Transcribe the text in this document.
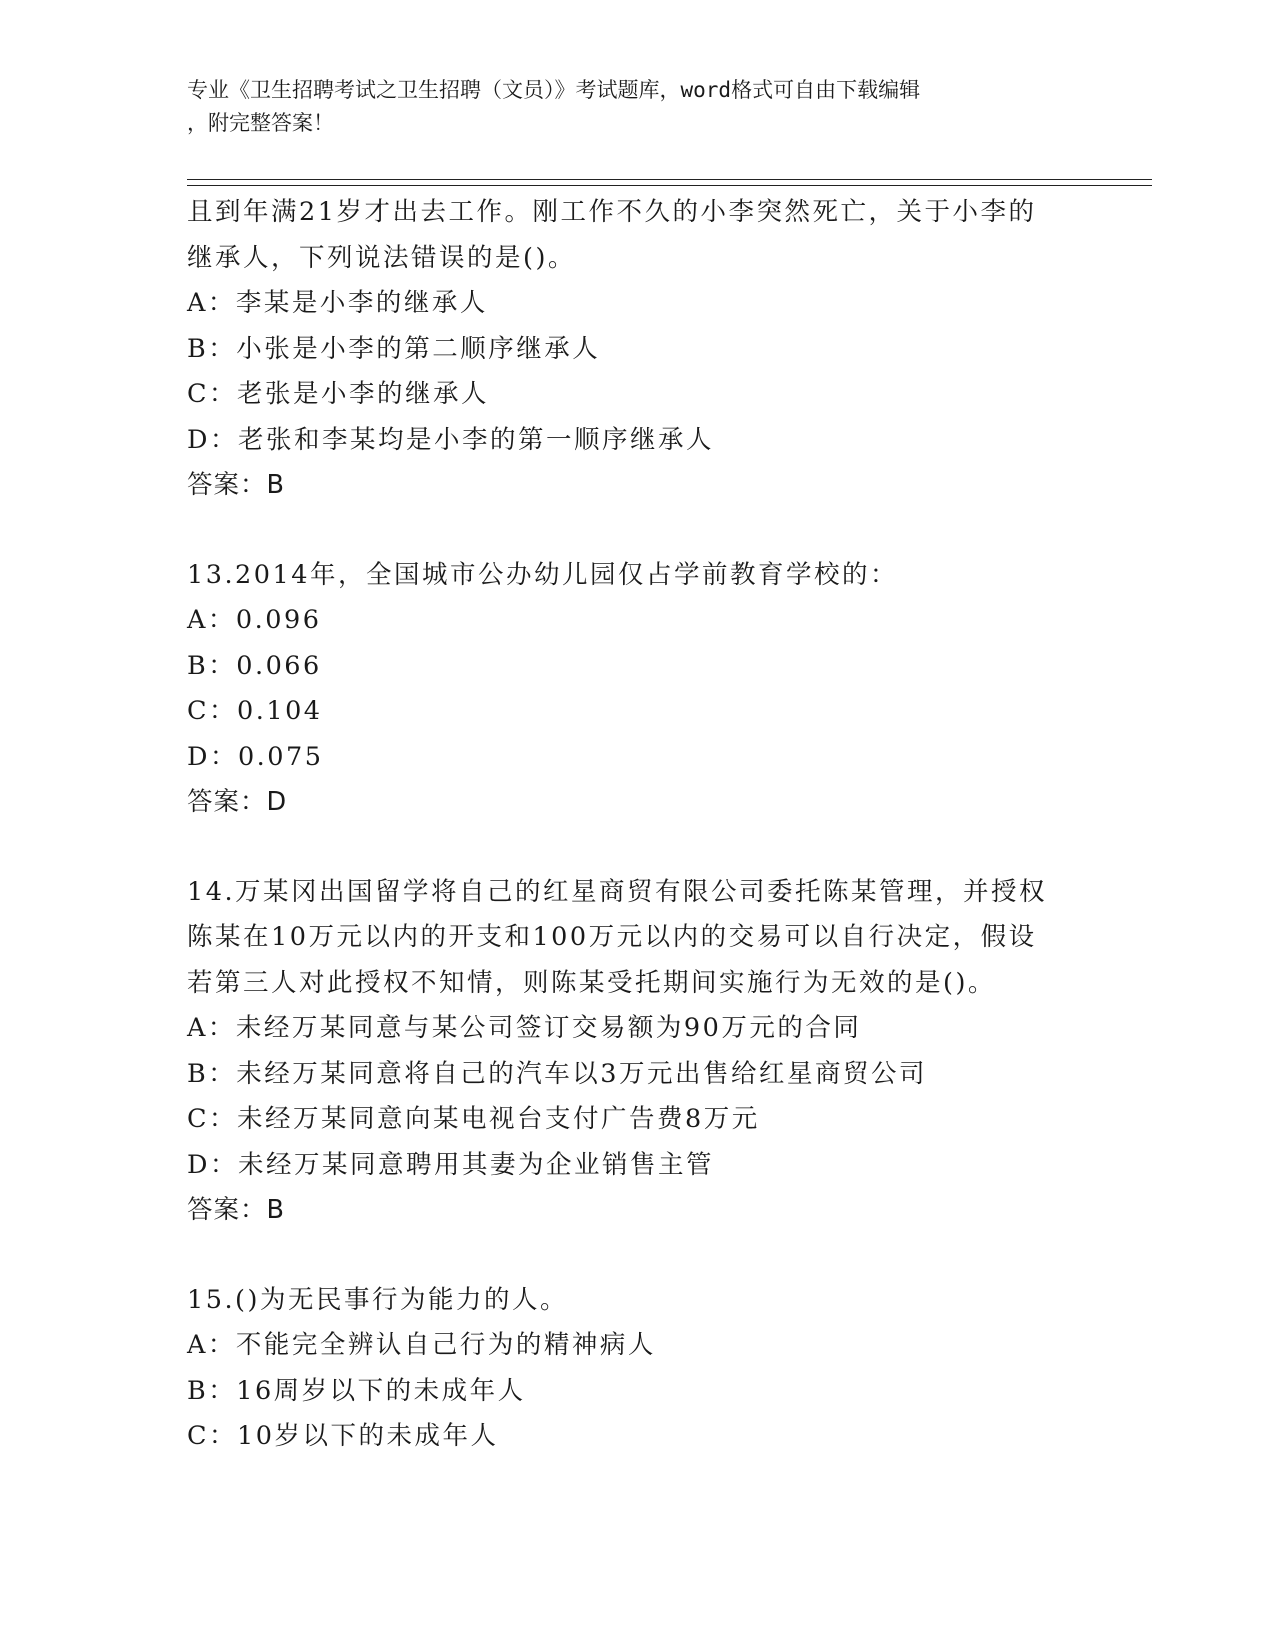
专业《卫生招聘考试之卫生招聘（文员）》考试题库，word格式可自由下载编辑
，附完整答案！
且到年满21岁才出去工作。刚工作不久的小李突然死亡，关于小李的
继承人，下列说法错误的是()。
A：李某是小李的继承人
B：小张是小李的第二顺序继承人
C：老张是小李的继承人
D：老张和李某均是小李的第一顺序继承人
答案：B
13.2014年，全国城市公办幼儿园仅占学前教育学校的：
A：0.096
B：0.066
C：0.104
D：0.075
答案：D
14.万某冈出国留学将自己的红星商贸有限公司委托陈某管理，并授权
陈某在10万元以内的开支和100万元以内的交易可以自行决定，假设
若第三人对此授权不知情，则陈某受托期间实施行为无效的是()。
A：未经万某同意与某公司签订交易额为90万元的合同
B：未经万某同意将自己的汽车以3万元出售给红星商贸公司
C：未经万某同意向某电视台支付广告费8万元
D：未经万某同意聘用其妻为企业销售主管
答案：B
15.()为无民事行为能力的人。
A：不能完全辨认自己行为的精神病人
B：16周岁以下的未成年人
C：10岁以下的未成年人
